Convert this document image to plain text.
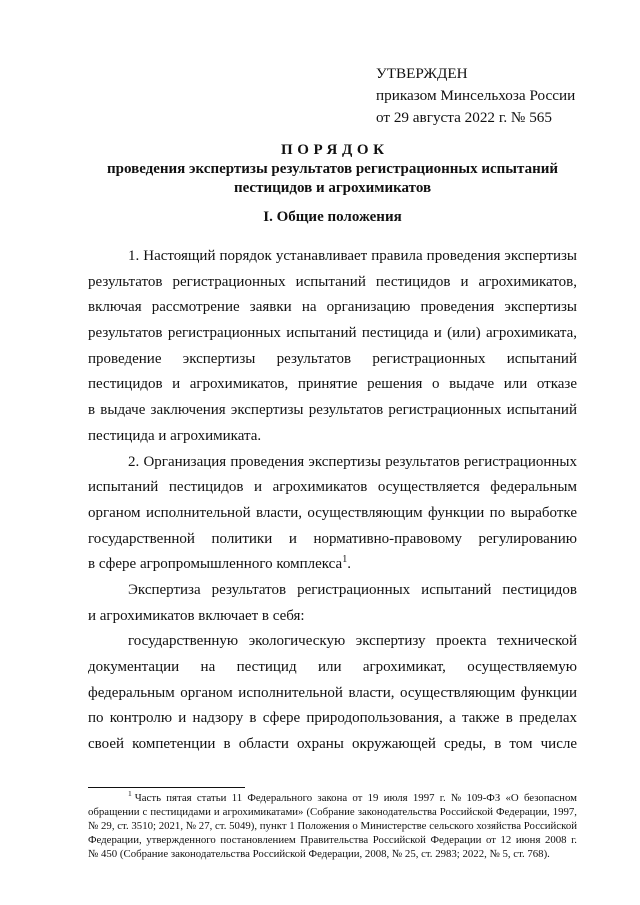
УТВЕРЖДЕН
приказом Минсельхоза России
от 29 августа 2022 г. № 565
ПОРЯДОК
проведения экспертизы результатов регистрационных испытаний
пестицидов и агрохимикатов
I. Общие положения
1. Настоящий порядок устанавливает правила проведения экспертизы
результатов регистрационных испытаний пестицидов и агрохимикатов,
включая рассмотрение заявки на организацию проведения экспертизы
результатов регистрационных испытаний пестицида и (или) агрохимиката,
проведение экспертизы результатов регистрационных испытаний
пестицидов и агрохимикатов, принятие решения о выдаче или отказе
в выдаче заключения экспертизы результатов регистрационных испытаний
пестицида и агрохимиката.
2. Организация проведения экспертизы результатов регистрационных
испытаний пестицидов и агрохимикатов осуществляется федеральным
органом исполнительной власти, осуществляющим функции по выработке
государственной политики и нормативно-правовому регулированию
в сфере агропромышленного комплекса$^1$.
Экспертиза результатов регистрационных испытаний пестицидов
и агрохимикатов включает в себя:
государственную экологическую экспертизу проекта технической
документации на пестицид или агрохимикат, осуществляемую
федеральным органом исполнительной власти, осуществляющим функции
по контролю и надзору в сфере природопользования, а также в пределах
своей компетенции в области охраны окружающей среды, в том числе
$^1$ Часть пятая статьи 11 Федерального закона от 19 июля 1997 г. № 109-ФЗ «О безопасном
обращении с пестицидами и агрохимикатами» (Собрание законодательства Российской Федерации, 1997,
№ 29, ст. 3510; 2021, № 27, ст. 5049), пункт 1 Положения о Министерстве сельского хозяйства Российской
Федерации, утвержденного постановлением Правительства Российской Федерации от 12 июня 2008 г.
№ 450 (Собрание законодательства Российской Федерации, 2008, № 25, ст. 2983; 2022, № 5, ст. 768).
